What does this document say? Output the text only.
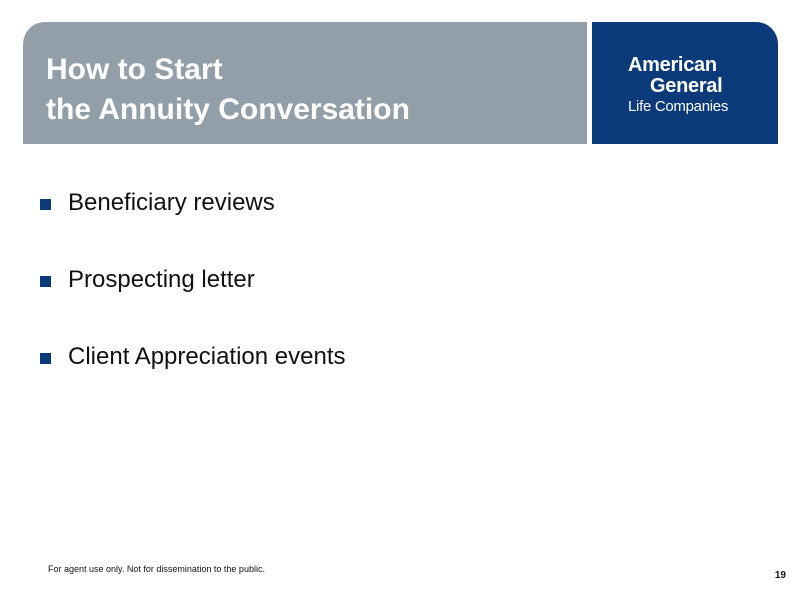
How to Start
the Annuity Conversation
American
General
Life Companies
Beneficiary reviews
Prospecting letter
Client Appreciation events
For agent use only. Not for dissemination to the public.
19
